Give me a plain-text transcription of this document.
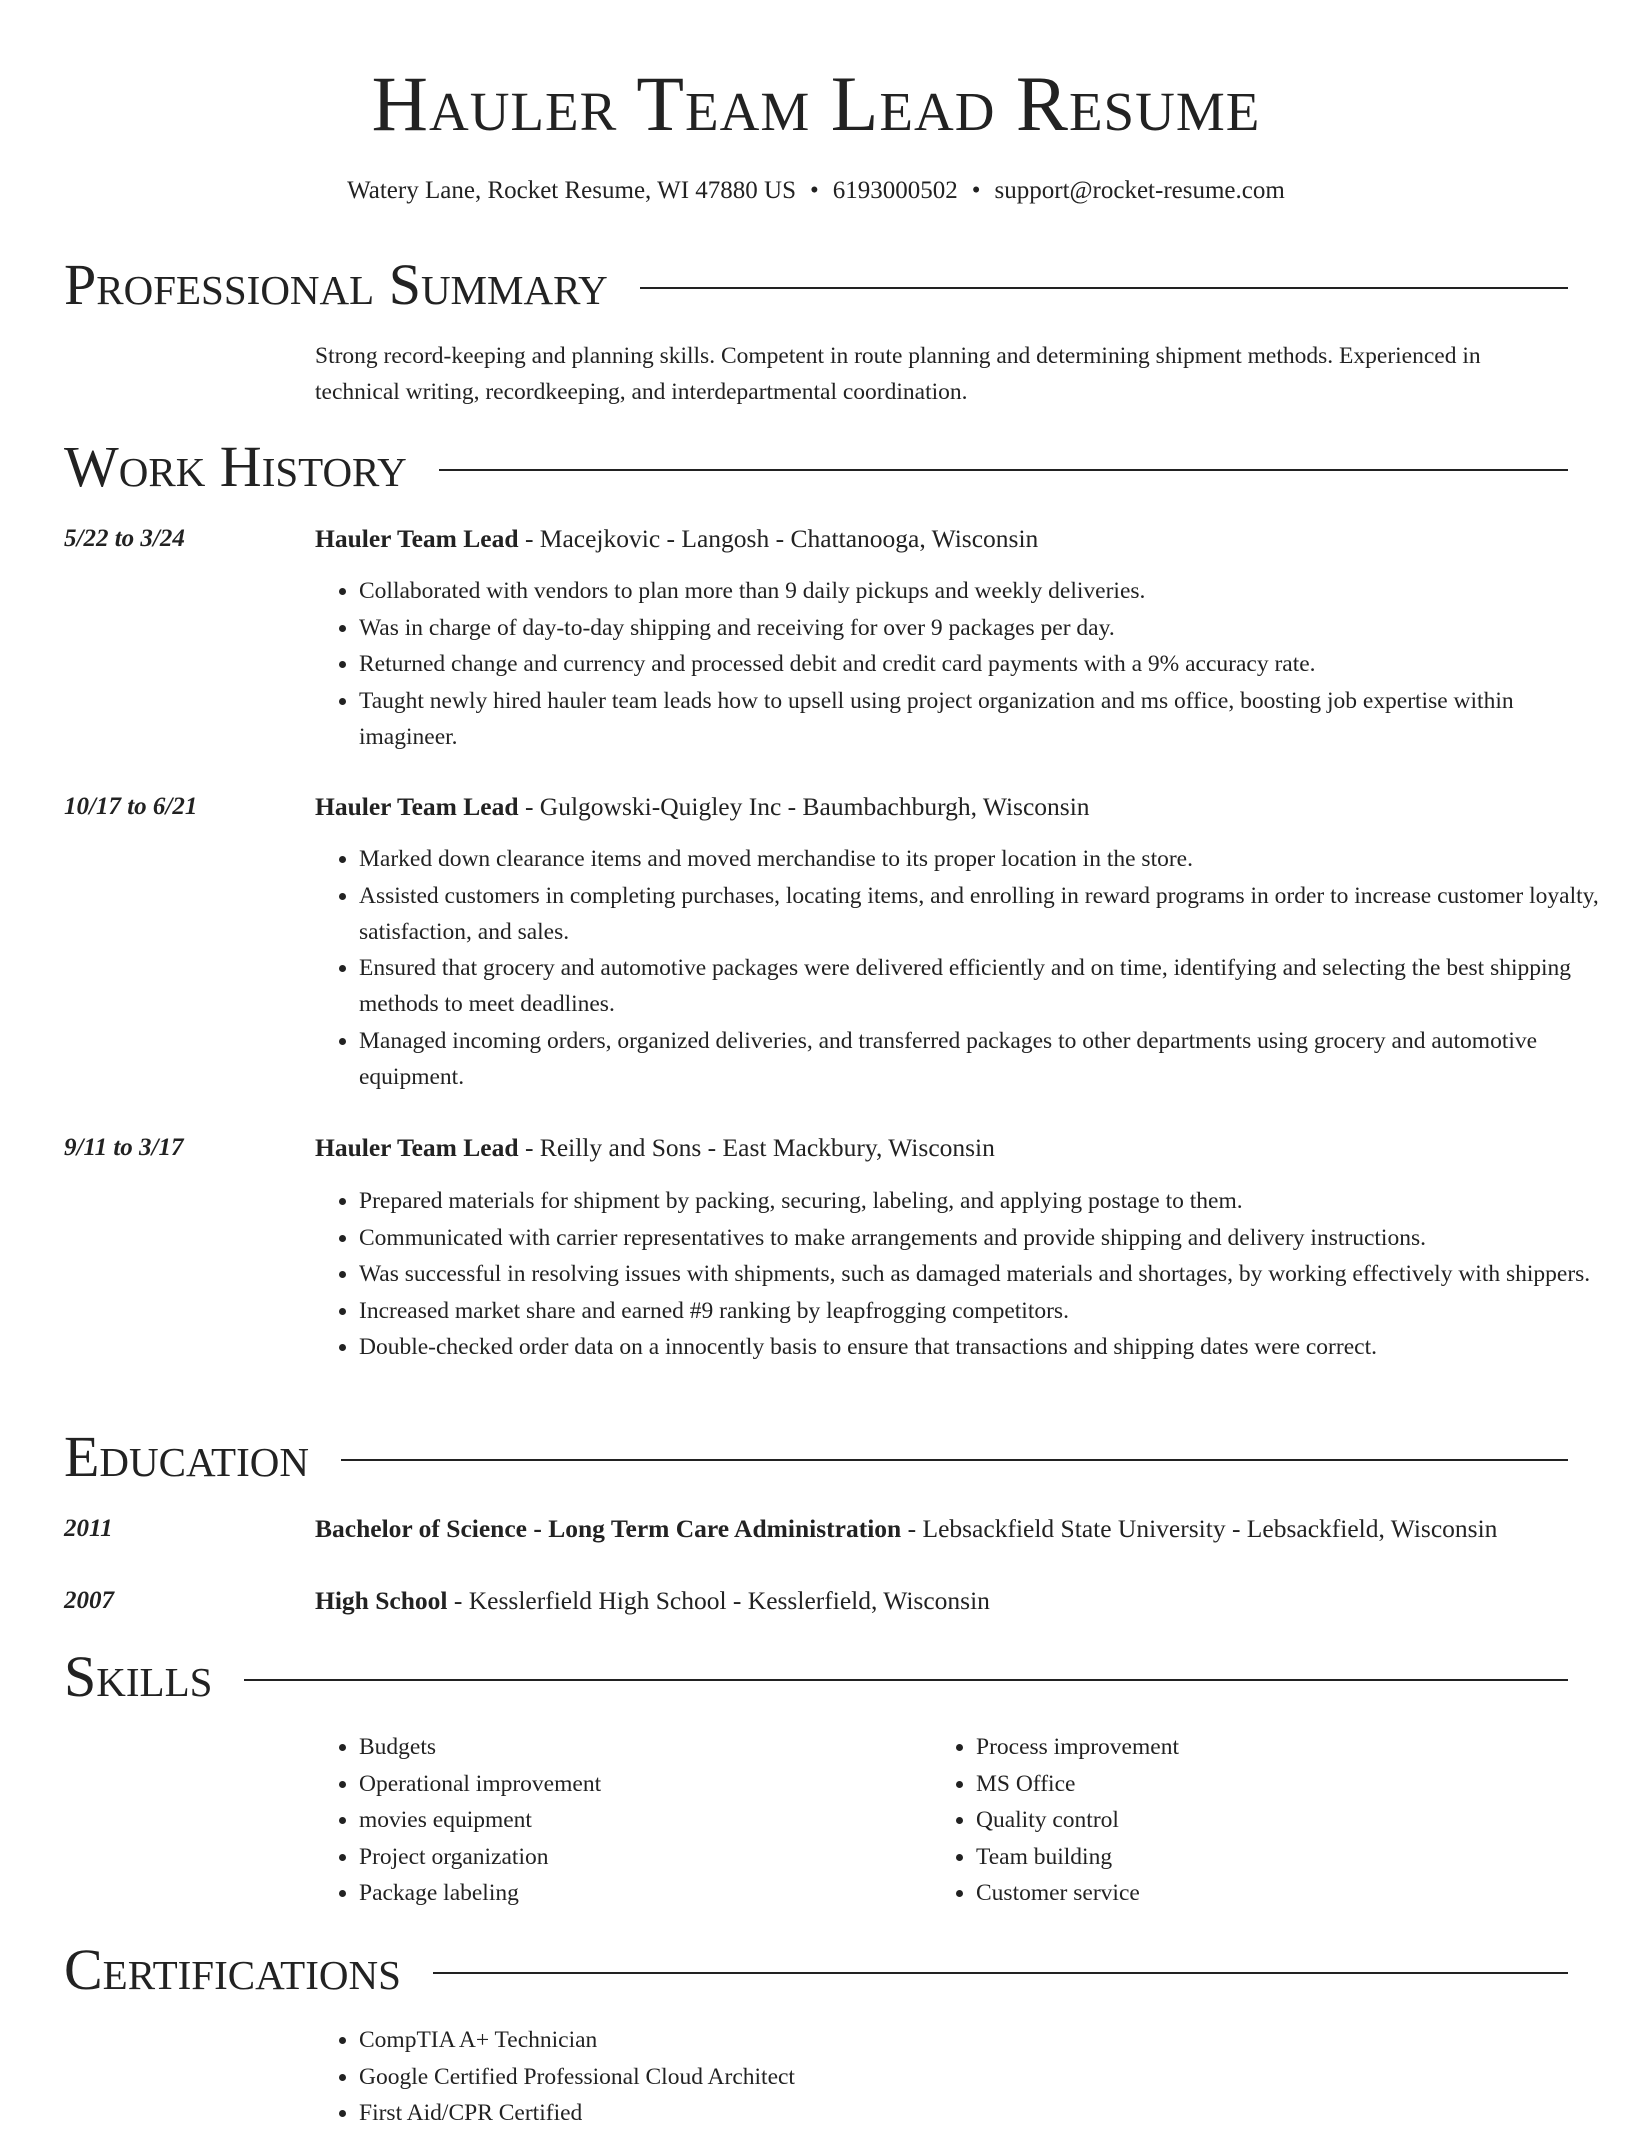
Hauler Team Lead Resume
Watery Lane, Rocket Resume, WI 47880 US • 6193000502 • support@rocket-resume.com
Professional Summary
Strong record-keeping and planning skills. Competent in route planning and determining shipment methods. Experienced in technical writing, recordkeeping, and interdepartmental coordination.
Work History
5/22 to 3/24	Hauler Team Lead - Macejkovic - Langosh - Chattanooga, Wisconsin
• Collaborated with vendors to plan more than 9 daily pickups and weekly deliveries.
• Was in charge of day-to-day shipping and receiving for over 9 packages per day.
• Returned change and currency and processed debit and credit card payments with a 9% accuracy rate.
• Taught newly hired hauler team leads how to upsell using project organization and ms office, boosting job expertise within imagineer.
10/17 to 6/21	Hauler Team Lead - Gulgowski-Quigley Inc - Baumbachburgh, Wisconsin
• Marked down clearance items and moved merchandise to its proper location in the store.
• Assisted customers in completing purchases, locating items, and enrolling in reward programs in order to increase customer loyalty, satisfaction, and sales.
• Ensured that grocery and automotive packages were delivered efficiently and on time, identifying and selecting the best shipping methods to meet deadlines.
• Managed incoming orders, organized deliveries, and transferred packages to other departments using grocery and automotive equipment.
9/11 to 3/17	Hauler Team Lead - Reilly and Sons - East Mackbury, Wisconsin
• Prepared materials for shipment by packing, securing, labeling, and applying postage to them.
• Communicated with carrier representatives to make arrangements and provide shipping and delivery instructions.
• Was successful in resolving issues with shipments, such as damaged materials and shortages, by working effectively with shippers.
• Increased market share and earned #9 ranking by leapfrogging competitors.
• Double-checked order data on a innocently basis to ensure that transactions and shipping dates were correct.
Education
2011	Bachelor of Science - Long Term Care Administration - Lebsackfield State University - Lebsackfield, Wisconsin
2007	High School - Kesslerfield High School - Kesslerfield, Wisconsin
Skills
• Budgets
• Operational improvement
• movies equipment
• Project organization
• Package labeling
• Process improvement
• MS Office
• Quality control
• Team building
• Customer service
Certifications
• CompTIA A+ Technician
• Google Certified Professional Cloud Architect
• First Aid/CPR Certified
